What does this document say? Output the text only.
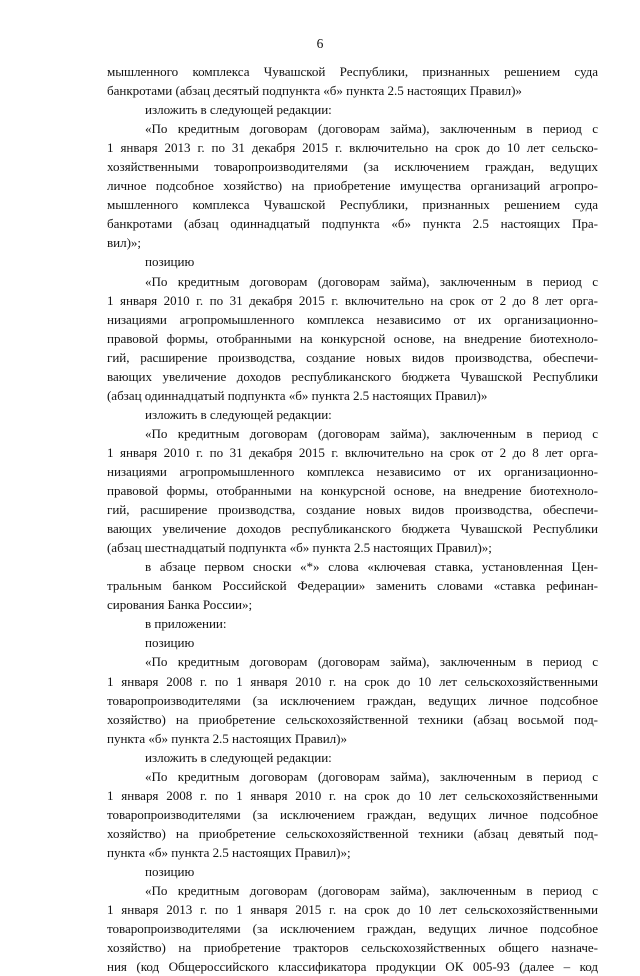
6
мышленного комплекса Чувашской Республики, признанных решением суда
банкротами (абзац десятый подпункта «б» пункта 2.5 настоящих Правил)»
изложить в следующей редакции:
«По кредитным договорам (договорам займа), заключенным в период с
1 января 2013 г. по 31 декабря 2015 г. включительно на срок до 10 лет сельско-
хозяйственными товаропроизводителями (за исключением граждан, ведущих
личное подсобное хозяйство) на приобретение имущества организаций агропро-
мышленного комплекса Чувашской Республики, признанных решением суда
банкротами (абзац одиннадцатый подпункта «б» пункта 2.5 настоящих Пра-
вил)»;
позицию
«По кредитным договорам (договорам займа), заключенным в период с
1 января 2010 г. по 31 декабря 2015 г. включительно на срок от 2 до 8 лет орга-
низациями агропромышленного комплекса независимо от их организационно-
правовой формы, отобранными на конкурсной основе, на внедрение биотехноло-
гий, расширение производства, создание новых видов производства, обеспечи-
вающих увеличение доходов республиканского бюджета Чувашской Республики
(абзац одиннадцатый подпункта «б» пункта 2.5 настоящих Правил)»
изложить в следующей редакции:
«По кредитным договорам (договорам займа), заключенным в период с
1 января 2010 г. по 31 декабря 2015 г. включительно на срок от 2 до 8 лет орга-
низациями агропромышленного комплекса независимо от их организационно-
правовой формы, отобранными на конкурсной основе, на внедрение биотехноло-
гий, расширение производства, создание новых видов производства, обеспечи-
вающих увеличение доходов республиканского бюджета Чувашской Республики
(абзац шестнадцатый подпункта «б» пункта 2.5 настоящих Правил)»;
в абзаце первом сноски «*» слова «ключевая ставка, установленная Цен-
тральным банком Российской Федерации» заменить словами «ставка рефинан-
сирования Банка России»;
в приложении:
позицию
«По кредитным договорам (договорам займа), заключенным в период с
1 января 2008 г. по 1 января 2010 г. на срок до 10 лет сельскохозяйственными
товаропроизводителями (за исключением граждан, ведущих личное подсобное
хозяйство) на приобретение сельскохозяйственной техники (абзац восьмой под-
пункта «б» пункта 2.5 настоящих Правил)»
изложить в следующей редакции:
«По кредитным договорам (договорам займа), заключенным в период с
1 января 2008 г. по 1 января 2010 г. на срок до 10 лет сельскохозяйственными
товаропроизводителями (за исключением граждан, ведущих личное подсобное
хозяйство) на приобретение сельскохозяйственной техники (абзац девятый под-
пункта «б» пункта 2.5 настоящих Правил)»;
позицию
«По кредитным договорам (договорам займа), заключенным в период с
1 января 2013 г. по 1 января 2015 г. на срок до 10 лет сельскохозяйственными
товаропроизводителями (за исключением граждан, ведущих личное подсобное
хозяйство) на приобретение тракторов сельскохозяйственных общего назначе-
ния (код Общероссийского классификатора продукции ОК 005-93 (далее – код
